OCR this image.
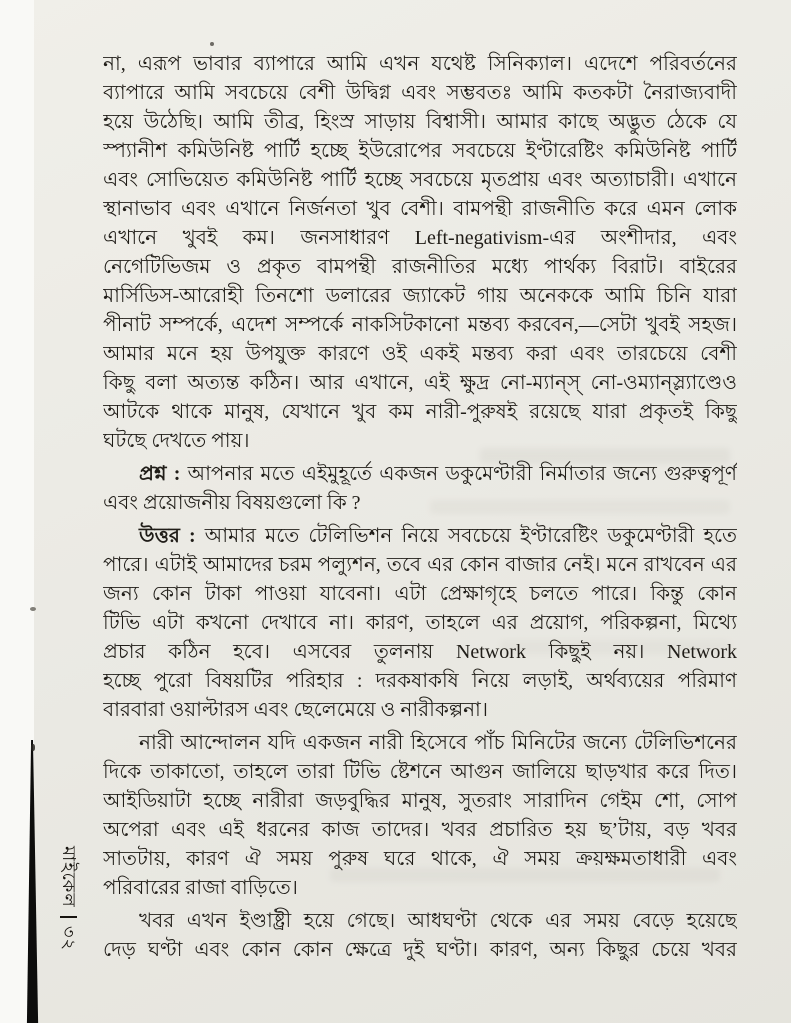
মাইকেল৩২
না, এরূপ ভাবার ব্যাপারে আমি এখন যথেষ্ট সিনিক্যাল। এদেশে পরিবর্তনের
ব্যাপারে আমি সবচেয়ে বেশী উদ্বিগ্ন এবং সম্ভবতঃ আমি কতকটা নৈরাজ্যবাদী
হয়ে উঠেছি। আমি তীব্র, হিংস্র সাড়ায় বিশ্বাসী। আমার কাছে অদ্ভুত ঠেকে যে
স্প্যানীশ কমিউনিষ্ট পার্টি হচ্ছে ইউরোপের সবচেয়ে ইণ্টারেষ্টিং কমিউনিষ্ট পার্টি
এবং সোভিয়েত কমিউনিষ্ট পার্টি হচ্ছে সবচেয়ে মৃতপ্রায় এবং অত্যাচারী। এখানে
স্থানাভাব এবং এখানে নির্জনতা খুব বেশী। বামপন্থী রাজনীতি করে এমন লোক
এখানে খুবই কম। জনসাধারণ Left-negativism-এর অংশীদার, এবং
নেগেটিভিজম ও প্রকৃত বামপন্থী রাজনীতির মধ্যে পার্থক্য বিরাট। বাইরের
মার্সিডিস-আরোহী তিনশো ডলারের জ্যাকেট গায় অনেককে আমি চিনি যারা
পীনাট সম্পর্কে, এদেশ সম্পর্কে নাকসিটকানো মন্তব্য করবেন,—সেটা খুবই সহজ।
আমার মনে হয় উপযুক্ত কারণে ওই একই মন্তব্য করা এবং তারচেয়ে বেশী
কিছু বলা অত্যন্ত কঠিন। আর এখানে, এই ক্ষুদ্র নো-ম্যান্স্ নো-ওম্যান্স্ল্যাণ্ডেও
আটকে থাকে মানুষ, যেখানে খুব কম নারী-পুরুষই রয়েছে যারা প্রকৃতই কিছু
ঘটছে দেখতে পায়।
প্রশ্ন : আপনার মতে এইমুহূর্তে একজন ডকুমেণ্টারী নির্মাতার জন্যে গুরুত্বপূর্ণ
এবং প্রয়োজনীয় বিষয়গুলো কি ?
উত্তর : আমার মতে টেলিভিশন নিয়ে সবচেয়ে ইণ্টারেষ্টিং ডকুমেণ্টারী হতে
পারে। এটাই আমাদের চরম পল্যুশন, তবে এর কোন বাজার নেই। মনে রাখবেন এর
জন্য কোন টাকা পাওয়া যাবেনা। এটা প্রেক্ষাগৃহে চলতে পারে। কিন্তু কোন
টিভি এটা কখনো দেখাবে না। কারণ, তাহলে এর প্রয়োগ, পরিকল্পনা, মিথ্যে
প্রচার কঠিন হবে। এসবের তুলনায় Network কিছুই নয়। Network
হচ্ছে পুরো বিষয়টির পরিহার : দরকষাকষি নিয়ে লড়াই, অর্থব্যয়ের পরিমাণ
বারবারা ওয়াল্টারস এবং ছেলেমেয়ে ও নারীকল্পনা।
নারী আন্দোলন যদি একজন নারী হিসেবে পাঁচ মিনিটের জন্যে টেলিভিশনের
দিকে তাকাতো, তাহলে তারা টিভি ষ্টেশনে আগুন জালিয়ে ছাড়খার করে দিত।
আইডিয়াটা হচ্ছে নারীরা জড়বুদ্ধির মানুষ, সুতরাং সারাদিন গেইম শো, সোপ
অপেরা এবং এই ধরনের কাজ তাদের। খবর প্রচারিত হয় ছ’টায়, বড় খবর
সাতটায়, কারণ ঐ সময় পুরুষ ঘরে থাকে, ঐ সময় ক্রয়ক্ষমতাধারী এবং
পরিবারের রাজা বাড়িতে।
খবর এখন ইণ্ডাষ্ট্রী হয়ে গেছে। আধঘণ্টা থেকে এর সময় বেড়ে হয়েছে
দেড় ঘণ্টা এবং কোন কোন ক্ষেত্রে দুই ঘণ্টা। কারণ, অন্য কিছুর চেয়ে খবর
